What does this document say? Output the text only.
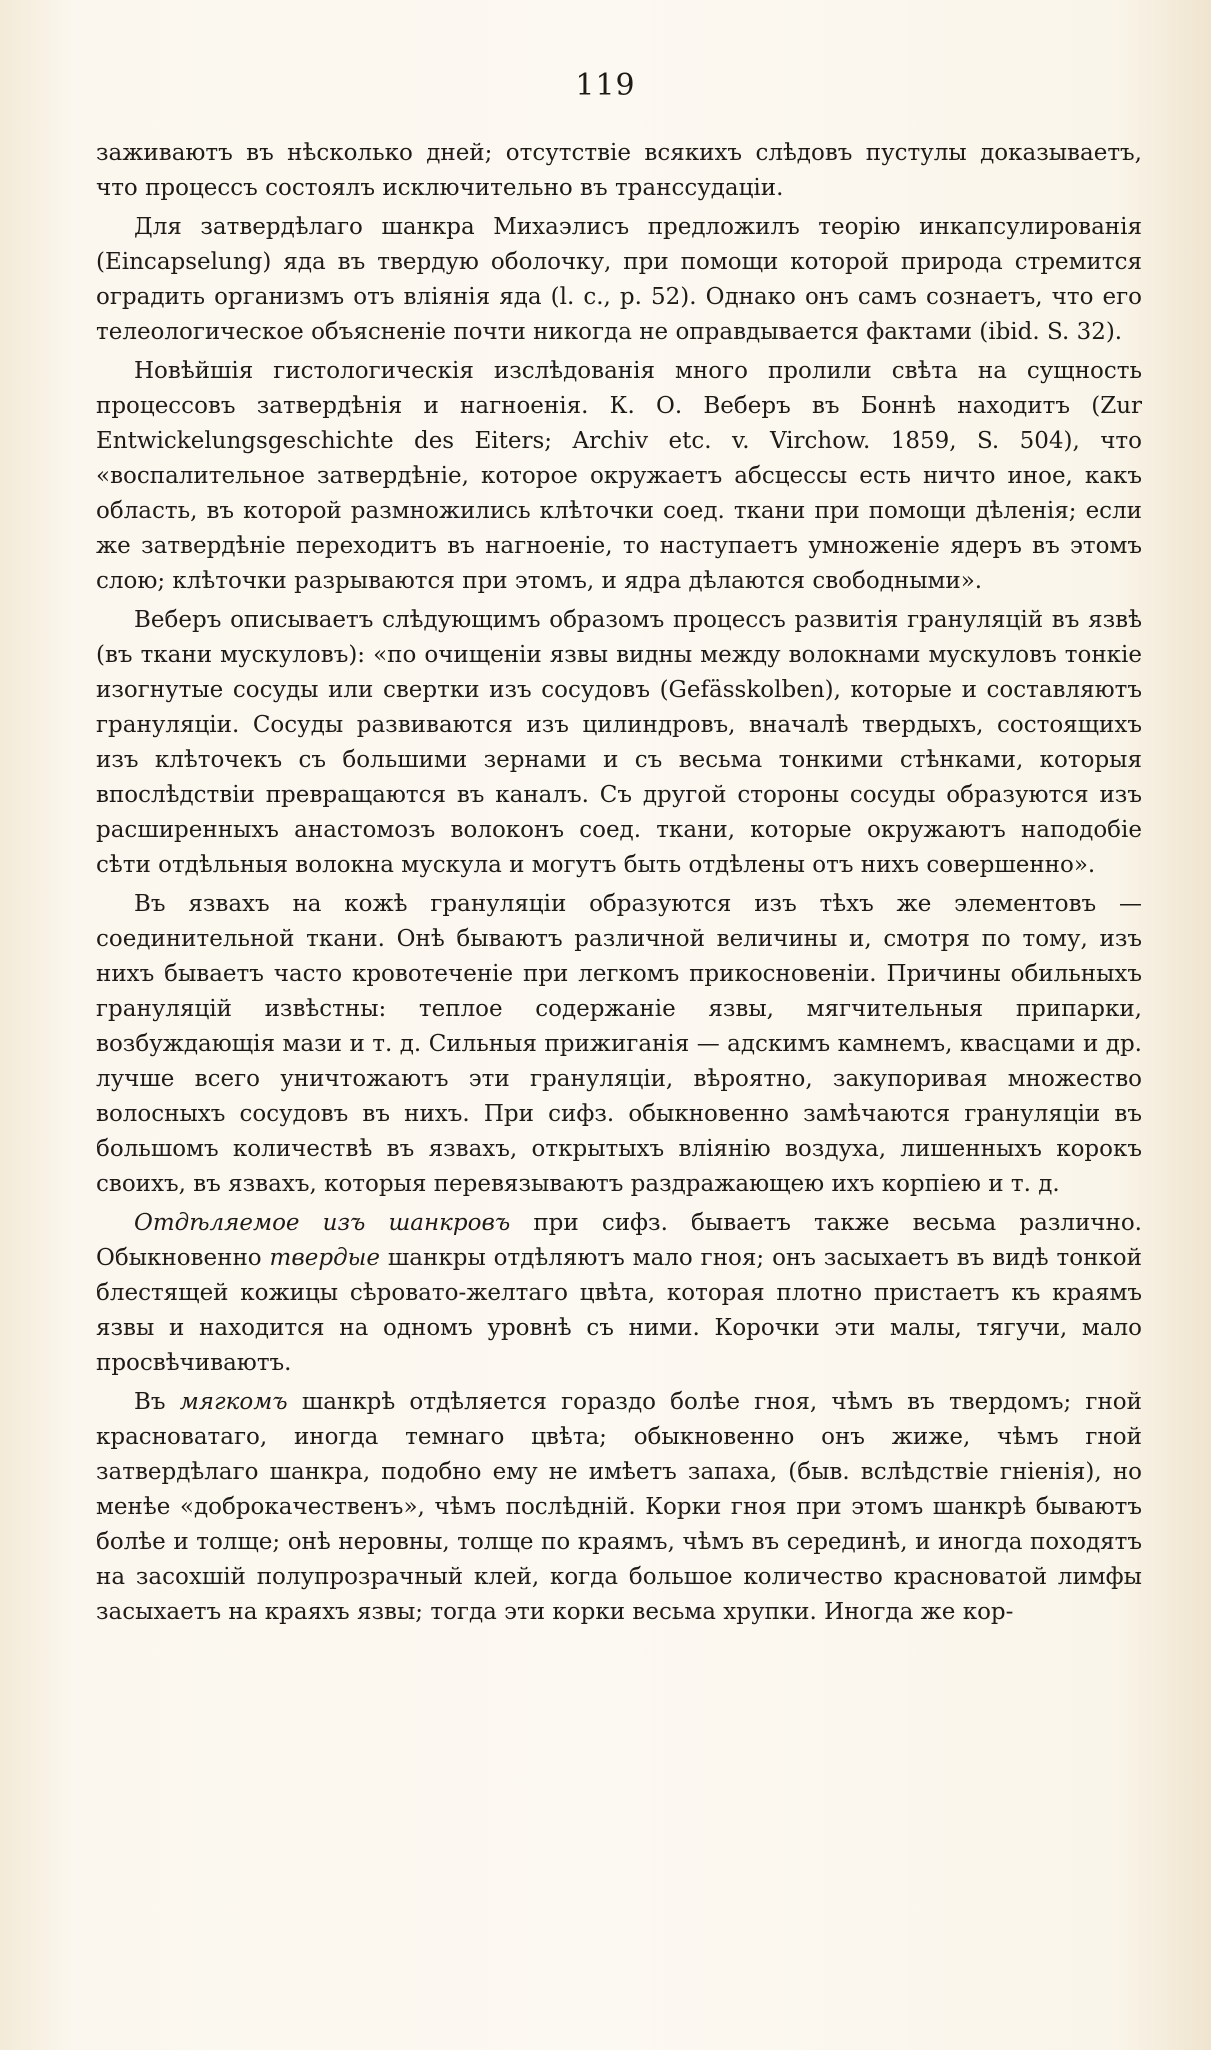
119

заживаютъ въ нѣсколько дней; отсутствіе всякихъ слѣдовъ пустулы доказываетъ, что процессъ состоялъ исключительно въ транссудаціи.

Для затвердѣлаго шанкра Михаэлисъ предложилъ теорію инкапсулированія (Eincapselung) яда въ твердую оболочку, при помощи которой природа стремится оградить организмъ отъ вліянія яда (l. c., p. 52). Однако онъ самъ сознаетъ, что его телеологическое объясненіе почти никогда не оправдывается фактами (ibid. S. 32).

Новѣйшія гистологическія изслѣдованія много пролили свѣта на сущность процессовъ затвердѣнія и нагноенія. К. О. Веберъ въ Боннѣ находитъ (Zur Entwickelungsgeschichte des Eiters; Archiv etc. v. Virchow. 1859, S. 504), что «воспалительное затвердѣніе, которое окружаетъ абсцессы есть ничто иное, какъ область, въ которой размножились клѣточки соед. ткани при помощи дѣленія; если же затвердѣніе переходитъ въ нагноеніе, то наступаетъ умноженіе ядеръ въ этомъ слою; клѣточки разрываются при этомъ, и ядра дѣлаются свободными».

Веберъ описываетъ слѣдующимъ образомъ процессъ развитія грануляцій въ язвѣ (въ ткани мускуловъ): «по очищеніи язвы видны между волокнами мускуловъ тонкіе изогнутые сосуды или свертки изъ сосудовъ (Gefässkolben), которые и составляютъ грануляціи. Сосуды развиваются изъ цилиндровъ, вначалѣ твердыхъ, состоящихъ изъ клѣточекъ съ большими зернами и съ весьма тонкими стѣнками, которыя впослѣдствіи превращаются въ каналъ. Съ другой стороны сосуды образуются изъ расширенныхъ анастомозъ волоконъ соед. ткани, которые окружаютъ наподобіе сѣти отдѣльныя волокна мускула и могутъ быть отдѣлены отъ нихъ совершенно».

Въ язвахъ на кожѣ грануляціи образуются изъ тѣхъ же элементовъ — соединительной ткани. Онѣ бываютъ различной величины и, смотря по тому, изъ нихъ бываетъ часто кровотеченіе при легкомъ прикосновеніи. Причины обильныхъ грануляцій извѣстны: теплое содержаніе язвы, мягчительныя припарки, возбуждающія мази и т. д. Сильныя прижиганія — адскимъ камнемъ, квасцами и др. лучше всего уничтожаютъ эти грануляціи, вѣроятно, закупоривая множество волосныхъ сосудовъ въ нихъ. При сифз. обыкновенно замѣчаются грануляціи въ большомъ количествѣ въ язвахъ, открытыхъ вліянію воздуха, лишенныхъ корокъ своихъ, въ язвахъ, которыя перевязываютъ раздражающею ихъ корпіею и т. д.

Отдѣляемое изъ шанкровъ при сифз. бываетъ также весьма различно. Обыкновенно твердые шанкры отдѣляютъ мало гноя; онъ засыхаетъ въ видѣ тонкой блестящей кожицы сѣровато-желтаго цвѣта, которая плотно пристаетъ къ краямъ язвы и находится на одномъ уровнѣ съ ними. Корочки эти малы, тягучи, мало просвѣчиваютъ.

Въ мягкомъ шанкрѣ отдѣляется гораздо болѣе гноя, чѣмъ въ твердомъ; гной красноватаго, иногда темнаго цвѣта; обыкновенно онъ жиже, чѣмъ гной затвердѣлаго шанкра, подобно ему не имѣетъ запаха, (быв. вслѣдствіе гніенія), но менѣе «доброкачественъ», чѣмъ послѣдній. Корки гноя при этомъ шанкрѣ бываютъ болѣе и толще; онѣ неровны, толще по краямъ, чѣмъ въ серединѣ, и иногда походятъ на засохшій полупрозрачный клей, когда большое количество красноватой лимфы засыхаетъ на краяхъ язвы; тогда эти корки весьма хрупки. Иногда же кор-
